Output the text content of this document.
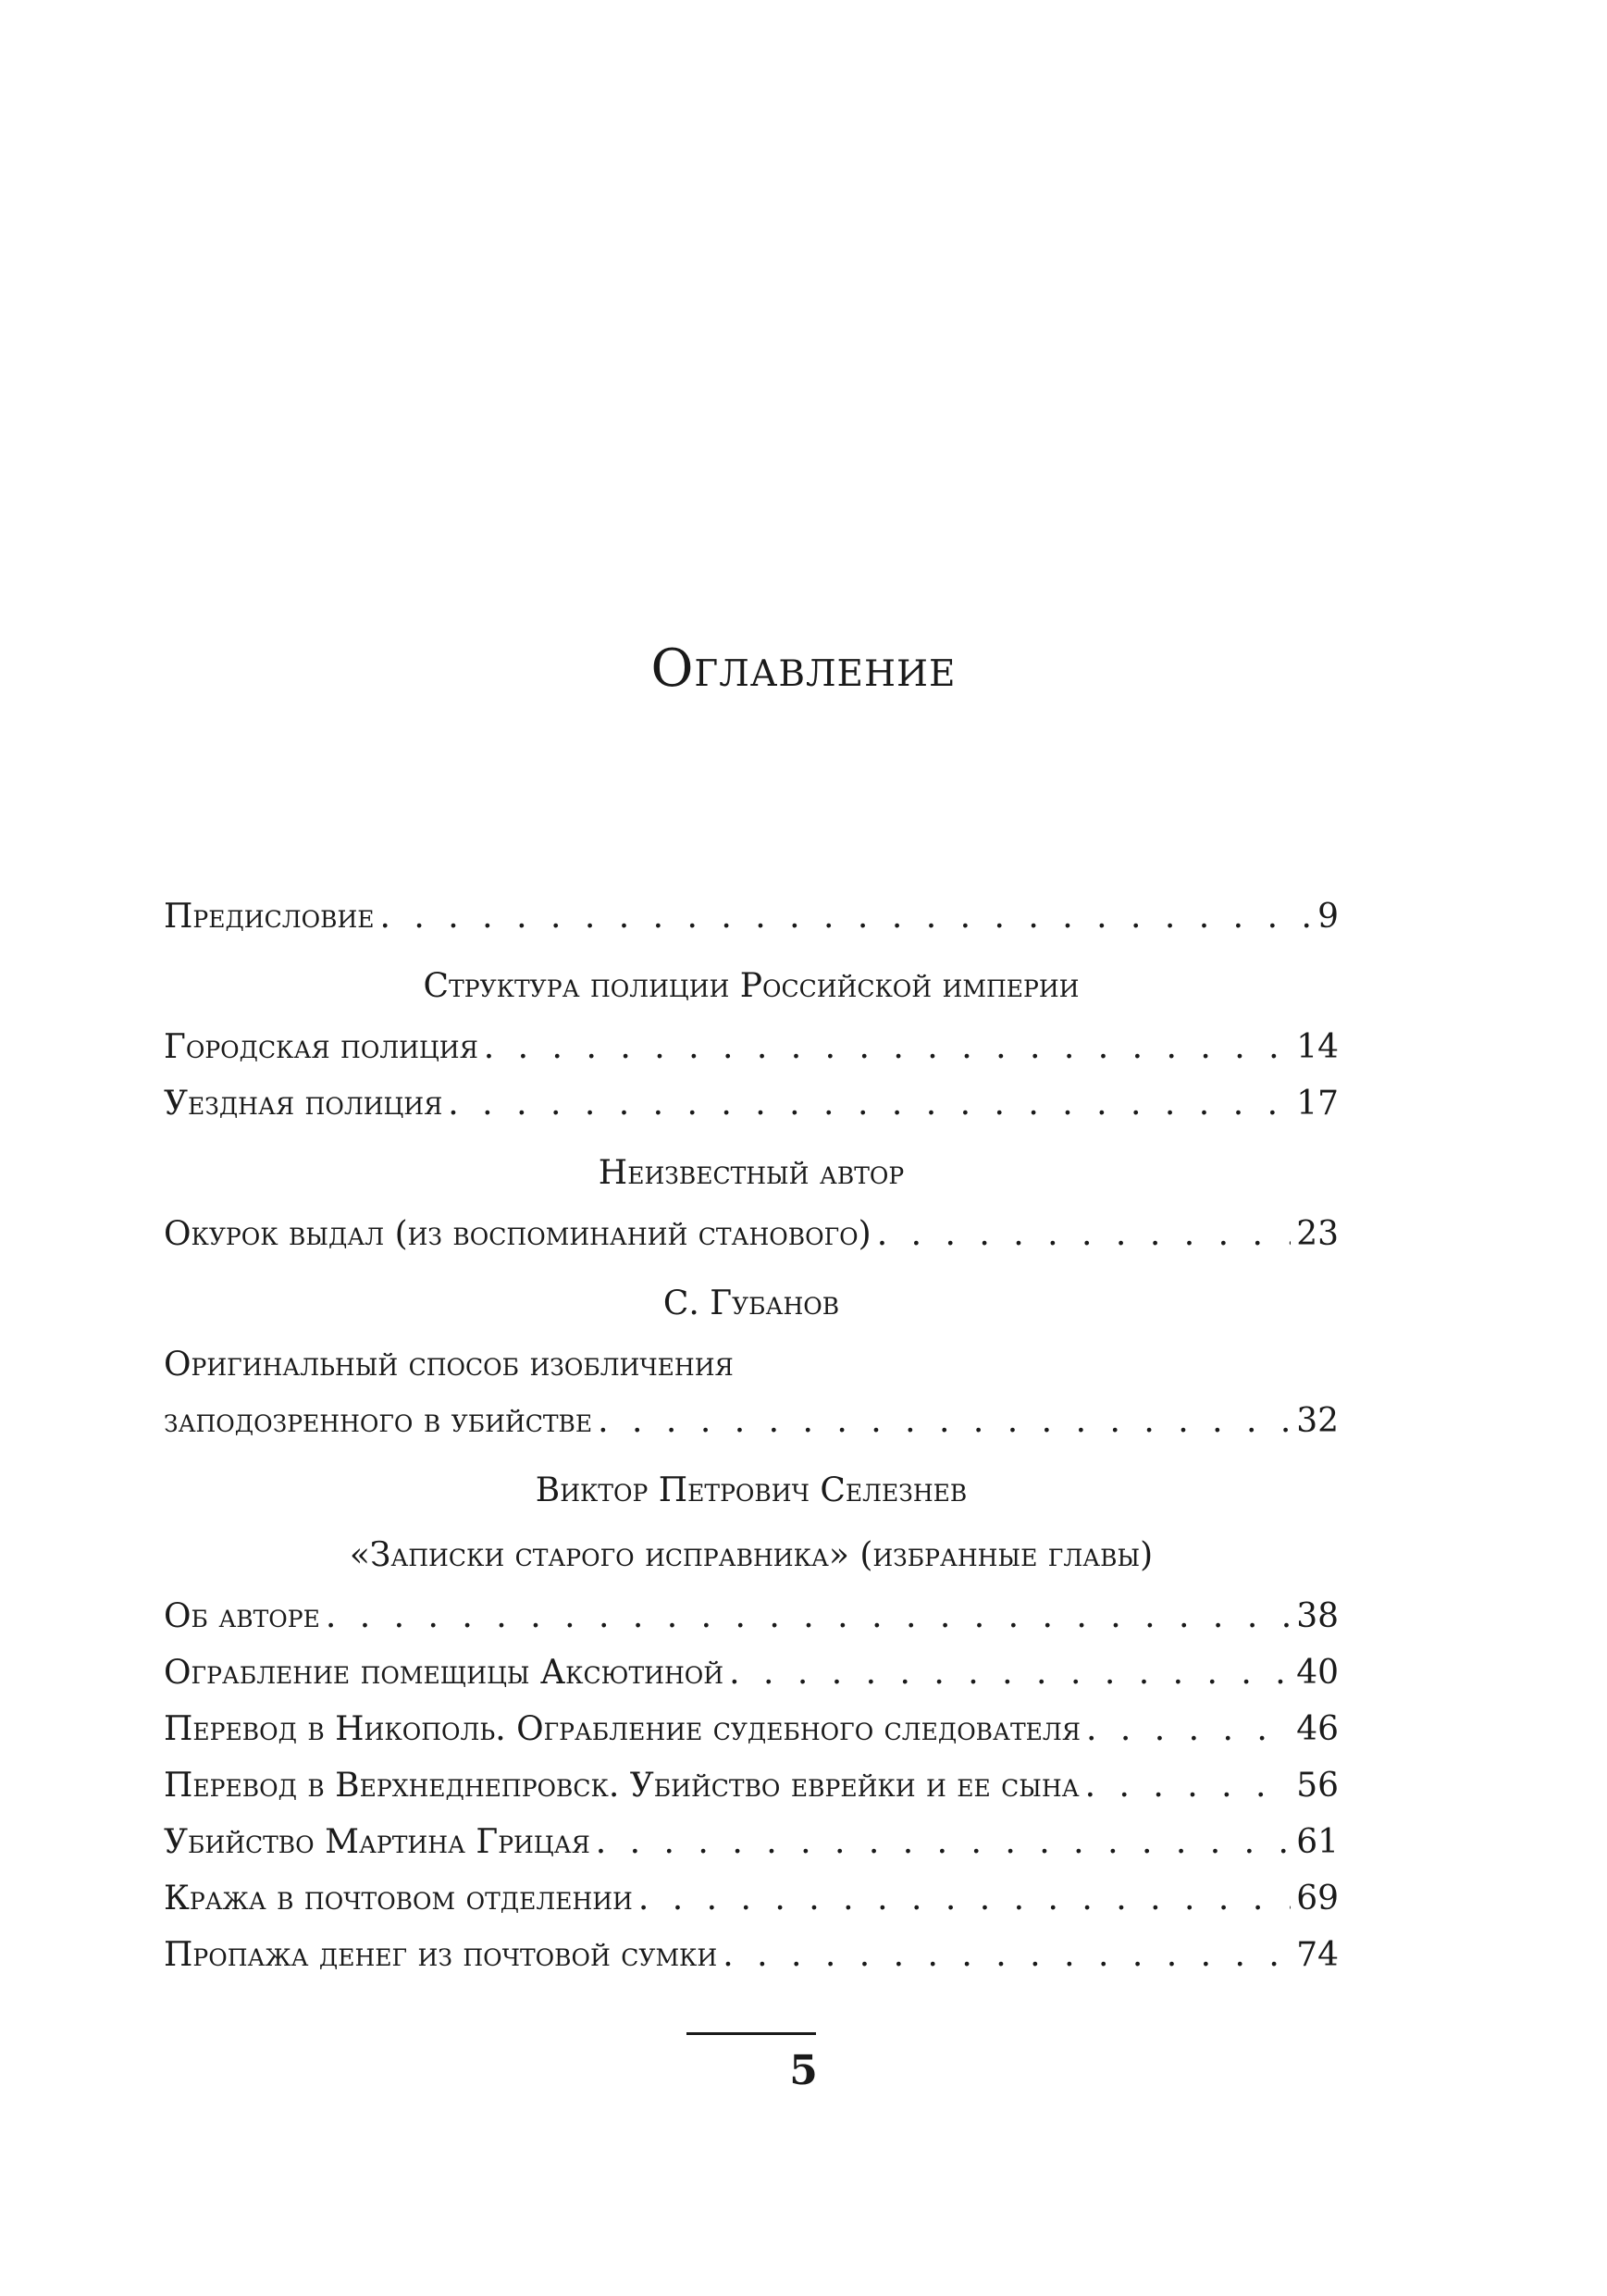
Оглавление
Предисловие . . .	9
Структура полиции Российской империи
Городская полиция . . .	14
Уездная полиция . . .	17
Неизвестный автор
Окурок выдал (из воспоминаний станового) . . .	23
С. Губанов
Оригинальный способ изобличения
заподозренного в убийстве . . .	32
Виктор Петрович Селезнев
«Записки старого исправника» (избранные главы)
Об авторе . . .	38
Ограбление помещицы Аксютиной . . .	40
Перевод в Никополь. Ограбление судебного следователя . . .	46
Перевод в Верхнеднепровск. Убийство еврейки и ее сына . . .	56
Убийство Мартина Грицая . . .	61
Кража в почтовом отделении . . .	69
Пропажа денег из почтовой сумки . . .	74
5
